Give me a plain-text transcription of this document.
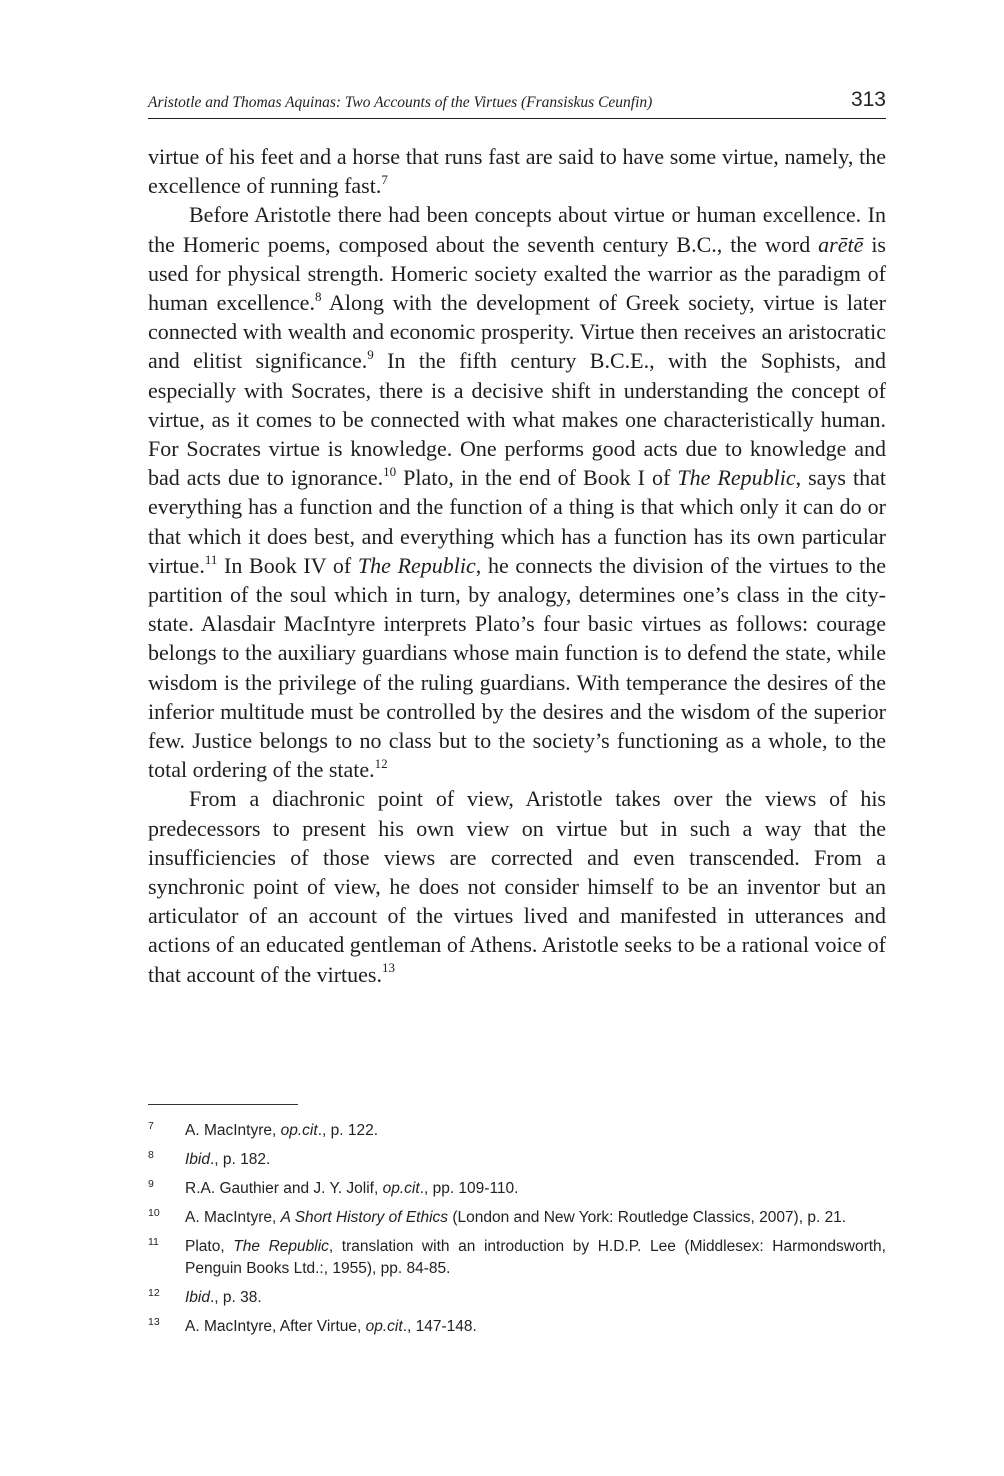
Aristotle and Thomas Aquinas: Two Accounts of the Virtues (Fransiskus Ceunfin)	313

virtue of his feet and a horse that runs fast are said to have some virtue, namely, the excellence of running fast.$^7$

Before Aristotle there had been concepts about virtue or human excellence. In the Homeric poems, composed about the seventh century B.C., the word arētē is used for physical strength. Homeric society exalted the warrior as the paradigm of human excellence.$^8$ Along with the development of Greek society, virtue is later connected with wealth and economic prosperity. Virtue then receives an aristocratic and elitist significance.$^9$ In the fifth century B.C.E., with the Sophists, and especially with Socrates, there is a decisive shift in understanding the concept of virtue, as it comes to be connected with what makes one characteristically human. For Socrates virtue is knowledge. One performs good acts due to knowledge and bad acts due to ignorance.$^{10}$ Plato, in the end of Book I of The Republic, says that everything has a function and the function of a thing is that which only it can do or that which it does best, and everything which has a function has its own particular virtue.$^{11}$ In Book IV of The Republic, he connects the division of the virtues to the partition of the soul which in turn, by analogy, determines one’s class in the city-state. Alasdair MacIntyre interprets Plato’s four basic virtues as follows: courage belongs to the auxiliary guardians whose main function is to defend the state, while wisdom is the privilege of the ruling guardians. With temperance the desires of the inferior multitude must be controlled by the desires and the wisdom of the superior few. Justice belongs to no class but to the society’s functioning as a whole, to the total ordering of the state.$^{12}$

From a diachronic point of view, Aristotle takes over the views of his predecessors to present his own view on virtue but in such a way that the insufficiencies of those views are corrected and even transcended. From a synchronic point of view, he does not consider himself to be an inventor but an articulator of an account of the virtues lived and manifested in utterances and actions of an educated gentleman of Athens. Aristotle seeks to be a rational voice of that account of the virtues.$^{13}$

7 A. MacIntyre, op.cit., p. 122.
8 Ibid., p. 182.
9 R.A. Gauthier and J. Y. Jolif, op.cit., pp. 109-110.
10 A. MacIntyre, A Short History of Ethics (London and New York: Routledge Classics, 2007), p. 21.
11 Plato, The Republic, translation with an introduction by H.D.P. Lee (Middlesex: Harmondsworth, Penguin Books Ltd.:, 1955), pp. 84-85.
12 Ibid., p. 38.
13 A. MacIntyre, After Virtue, op.cit., 147-148.
